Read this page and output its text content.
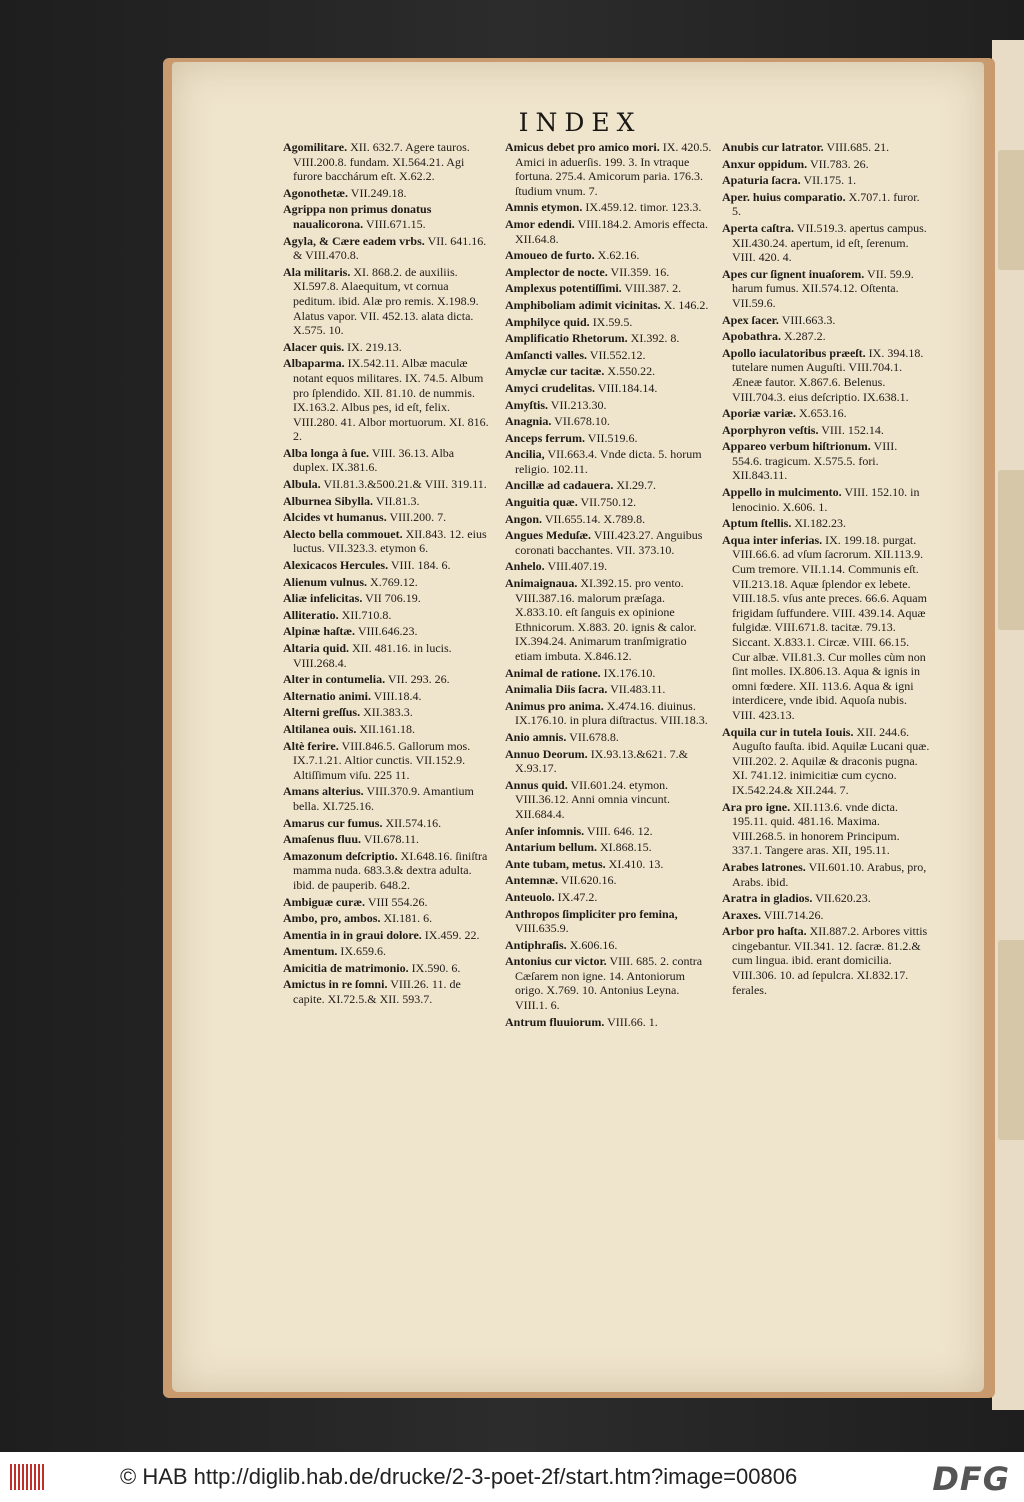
INDEX

Agomilitare. XII. 632.7. Agere tauros. VIII.200.8. fundam. XI.564.21. Agi furore bacchárum eſt. X.62.2.

Agonothetæ. VII.249.18.

Agrippa non primus donatus naualicorona. VIII.671.15.

Agyla, & Cære eadem vrbs. VII. 641.16. & VIII.470.8.

Ala militaris. XI. 868.2. de auxiliis. XI.597.8. Alaequitum, vt cornua peditum. ibid. Alæ pro remis. X.198.9. Alatus vapor. VII. 452.13. alata dicta. X.575. 10.

Alacer quis. IX. 219.13.

Albaparma. IX.542.11. Albæ maculæ notant equos militares. IX. 74.5. Album pro ſplendido. XII. 81.10. de nummis. IX.163.2. Albus pes, id eſt, felix. VIII.280. 41. Albor mortuorum. XI. 816. 2.

Alba longa à ſue. VIII. 36.13. Alba duplex. IX.381.6.

Albula. VII.81.3.&500.21.& VIII. 319.11.

Alburnea Sibylla. VII.81.3.

Alcides vt humanus. VIII.200. 7.

Alecto bella commouet. XII.843. 12. eius luctus. VII.323.3. etymon 6.

Alexicacos Hercules. VIII. 184. 6.

Alienum vulnus. X.769.12.

Aliæ infelicitas. VII 706.19.

Alliteratio. XII.710.8.

Alpinæ haſtæ. VIII.646.23.

Altaria quid. XII. 481.16. in lucis. VIII.268.4.

Alter in contumelia. VII. 293. 26.

Alternatio animi. VIII.18.4.

Alterni greſſus. XII.383.3.

Altilanea ouis. XII.161.18.

Altè ferire. VIII.846.5. Gallorum mos. IX.7.1.21. Altior cunctis. VII.152.9. Altiſſimum viſu. 225 11.

Amans alterius. VIII.370.9. Amantium bella. XI.725.16.

Amarus cur fumus. XII.574.16.

Amaſenus fluu. VII.678.11.

Amazonum deſcriptio. XI.648.16. ſiniſtra mamma nuda. 683.3.& dextra adulta. ibid. de pauperib. 648.2.

Ambiguæ curæ. VIII 554.26.

Ambo, pro, ambos. XI.181. 6.

Amentia in in graui dolore. IX.459. 22.

Amentum. IX.659.6.

Amicitia de matrimonio. IX.590. 6.

Amictus in re ſomni. VIII.26. 11. de capite. XI.72.5.& XII. 593.7.

Amicus debet pro amico mori. IX. 420.5. Amici in aduerſis. 199. 3. In vtraque fortuna. 275.4. Amicorum paria. 176.3. ſtudium vnum. 7.

Amnis etymon. IX.459.12. timor. 123.3.

Amor edendi. VIII.184.2. Amoris effecta. XII.64.8.

Amoueo de furto. X.62.16.

Amplector de nocte. VII.359. 16.

Amplexus potentiſſimi. VIII.387. 2.

Amphiboliam adimit vicinitas. X. 146.2.

Amphilyce quid. IX.59.5.

Amplificatio Rhetorum. XI.392. 8.

Amſancti valles. VII.552.12.

Amyclæ cur tacitæ. X.550.22.

Amyci crudelitas. VIII.184.14.

Amyſtis. VII.213.30.

Anagnia. VII.678.10.

Anceps ferrum. VII.519.6.

Ancilia, VII.663.4. Vnde dicta. 5. horum religio. 102.11.

Ancillæ ad cadauera. XI.29.7.

Anguitia quæ. VII.750.12.

Angon. VII.655.14. X.789.8.

Angues Meduſæ. VIII.423.27. Anguibus coronati bacchantes. VII. 373.10.

Anhelo. VIII.407.19.

Animaignaua. XI.392.15. pro vento. VIII.387.16. malorum præſaga. X.833.10. eſt ſanguis ex opinione Ethnicorum. X.883. 20. ignis & calor. IX.394.24. Animarum tranſmigratio etiam imbuta. X.846.12.

Animal de ratione. IX.176.10.

Animalia Diis ſacra. VII.483.11.

Animus pro anima. X.474.16. diuinus. IX.176.10. in plura diſtractus. VIII.18.3.

Anio amnis. VII.678.8.

Annuo Deorum. IX.93.13.&621. 7.& X.93.17.

Annus quid. VII.601.24. etymon. VIII.36.12. Anni omnia vincunt. XII.684.4.

Anſer inſomnis. VIII. 646. 12.

Antarium bellum. XI.868.15.

Ante tubam, metus. XI.410. 13.

Antemnæ. VII.620.16.

Anteuolo. IX.47.2.

Anthropos ſimpliciter pro femina, VIII.635.9.

Antiphraſis. X.606.16.

Antonius cur victor. VIII. 685. 2. contra Cæſarem non igne. 14. Antoniorum origo. X.769. 10. Antonius Leyna. VIII.1. 6.

Antrum fluuiorum. VIII.66. 1.

Anubis cur latrator. VIII.685. 21.

Anxur oppidum. VII.783. 26.

Apaturia ſacra. VII.175. 1.

Aper. huius comparatio. X.707.1. furor. 5.

Aperta caſtra. VII.519.3. apertus campus. XII.430.24. apertum, id eſt, ſerenum. VIII. 420. 4.

Apes cur ſignent inuaſorem. VII. 59.9. harum fumus. XII.574.12. Oſtenta. VII.59.6.

Apex ſacer. VIII.663.3.

Apobathra. X.287.2.

Apollo iaculatoribus præeſt. IX. 394.18. tutelare numen Auguſti. VIII.704.1. Æneæ fautor. X.867.6. Belenus. VIII.704.3. eius deſcriptio. IX.638.1.

Aporiæ variæ. X.653.16.

Aporphyron veſtis. VIII. 152.14.

Appareo verbum hiſtrionum. VIII. 554.6. tragicum. X.575.5. fori. XII.843.11.

Appello in mulcimento. VIII. 152.10. in lenocinio. X.606. 1.

Aptum ſtellis. XI.182.23.

Aqua inter inferias. IX. 199.18. purgat. VIII.66.6. ad vſum ſacrorum. XII.113.9. Cum tremore. VII.1.14. Communis eſt. VII.213.18. Aquæ ſplendor ex lebete. VIII.18.5. vſus ante preces. 66.6. Aquam frigidam ſuffundere. VIII. 439.14. Aquæ fulgidæ. VIII.671.8. tacitæ. 79.13. Siccant. X.833.1. Circæ. VIII. 66.15. Cur albæ. VII.81.3. Cur molles cùm non ſint molles. IX.806.13. Aqua & ignis in omni fœdere. XII. 113.6. Aqua & igni interdicere, vnde ibid. Aquoſa nubis. VIII. 423.13.

Aquila cur in tutela Iouis. XII. 244.6. Auguſto fauſta. ibid. Aquilæ Lucani quæ. VIII.202. 2. Aquilæ & draconis pugna. XI. 741.12. inimicitiæ cum cycno. IX.542.24.& XII.244. 7.

Ara pro igne. XII.113.6. vnde dicta. 195.11. quid. 481.16. Maxima. VIII.268.5. in honorem Principum. 337.1. Tangere aras. XII, 195.11.

Arabes latrones. VII.601.10. Arabus, pro, Arabs. ibid.

Aratra in gladios. VII.620.23.

Araxes. VIII.714.26.

Arbor pro haſta. XII.887.2. Arbores vittis cingebantur. VII.341. 12. ſacræ. 81.2.& cum lingua. ibid. erant domicilia. VIII.306. 10. ad ſepulcra. XI.832.17. ferales.

© HAB http://diglib.hab.de/drucke/2-3-poet-2f/start.htm?image=00806	DFG
